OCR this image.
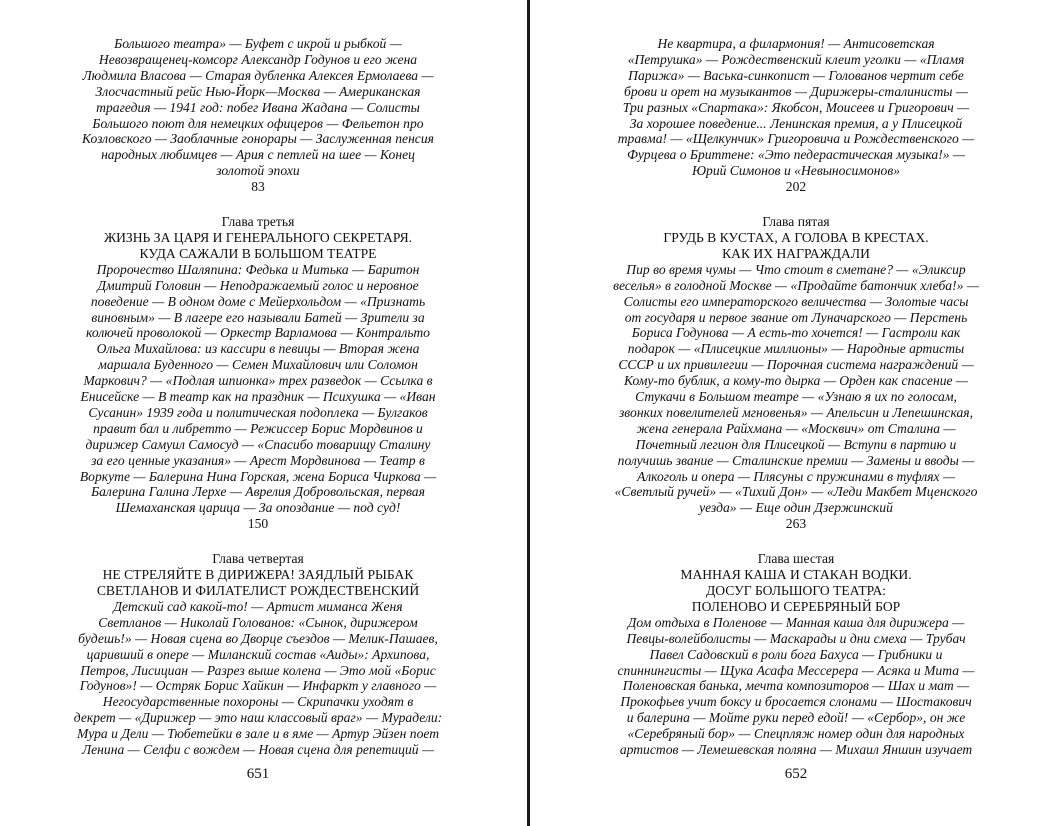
Большого театра» — Буфет с икрой и рыбкой —
Невозвращенец-комсорг Александр Годунов и его жена
Людмила Власова — Старая дубленка Алексея Ермолаева —
Злосчастный рейс Нью-Йорк—Москва — Американская
трагедия — 1941 год: побег Ивана Жадана — Солисты
Большого поют для немецких офицеров — Фельетон про
Козловского — Заоблачные гонорары — Заслуженная пенсия
народных любимцев — Ария с петлей на шее — Конец
золотой эпохи
83
Глава третья
ЖИЗНЬ ЗА ЦАРЯ И ГЕНЕРАЛЬНОГО СЕКРЕТАРЯ.
КУДА САЖАЛИ В БОЛЬШОМ ТЕАТРЕ
Пророчество Шаляпина: Федька и Митька — Баритон
Дмитрий Головин — Неподражаемый голос и неровное
поведение — В одном доме с Мейерхольдом — «Признать
виновным» — В лагере его называли Батей — Зрители за
колючей проволокой — Оркестр Варламова — Контральто
Ольга Михайлова: из кассири в певицы — Вторая жена
маршала Буденного — Семен Михайлович или Соломон
Маркович? — «Подлая шпионка» трех разведок — Ссылка в
Енисейске — В театр как на праздник — Психушка — «Иван
Сусанин» 1939 года и политическая подоплека — Булгаков
правит бал и либретто — Режиссер Борис Мордвинов и
дирижер Самуил Самосуд — «Спасибо товарищу Сталину
за его ценные указания» — Арест Мордвинова — Театр в
Воркуте — Балерина Нина Горская, жена Бориса Чиркова —
Балерина Галина Лерхе — Аврелия Добровольская, первая
Шемаханская царица — За опоздание — под суд!
150
Глава четвертая
НЕ СТРЕЛЯЙТЕ В ДИРИЖЕРА! ЗАЯДЛЫЙ РЫБАК
СВЕТЛАНОВ И ФИЛАТЕЛИСТ РОЖДЕСТВЕНСКИЙ
Детский сад какой-то! — Артист миманса Женя
Светланов — Николай Голованов: «Сынок, дирижером
будешь!» — Новая сцена во Дворце съездов — Мелик-Пашаев,
царивший в опере — Миланский состав «Аиды»: Архипова,
Петров, Лисициан — Разрез выше колена — Это мой «Борис
Годунов»! — Остряк Борис Хайкин — Инфаркт у главного —
Негосударственные похороны — Скрипачки уходят в
декрет — «Дирижер — это наш классовый враг» — Мурадели:
Мура и Дели — Тюбетейки в зале и в яме — Артур Эйзен поет
Ленина — Селфи с вождем — Новая сцена для репетиций —
Не квартира, а филармония! — Антисоветская
«Петрушка» — Рождественский клеит уголки — «Пламя
Парижа» — Васька-синкопист — Голованов чертит себе
брови и орет на музыкантов — Дирижеры-сталинисты —
Три разных «Спартака»: Якобсон, Моисеев и Григорович —
За хорошее поведение... Ленинская премия, а у Плисецкой
травма! — «Щелкунчик» Григоровича и Рождественского —
Фурцева о Бриттене: «Это педерастическая музыка!» —
Юрий Симонов и «Невыносимонов»
202
Глава пятая
ГРУДЬ В КУСТАХ, А ГОЛОВА В КРЕСТАХ.
КАК ИХ НАГРАЖДАЛИ
Пир во время чумы — Что стоит в сметане? — «Эликсир
веселья» в голодной Москве — «Продайте батончик хлеба!» —
Солисты его императорского величества — Золотые часы
от государя и первое звание от Луначарского — Перстень
Бориса Годунова — А есть-то хочется! — Гастроли как
подарок — «Плисецкие миллионы» — Народные артисты
СССР и их привилегии — Порочная система награждений —
Кому-то бублик, а кому-то дырка — Орден как спасение —
Стукачи в Большом театре — «Узнаю я их по голосам,
звонких повелителей мгновенья» — Апельсин и Лепешинская,
жена генерала Райхмана — «Москвич» от Сталина —
Почетный легион для Плисецкой — Вступи в партию и
получишь звание — Сталинские премии — Замены и вводы —
Алкоголь и опера — Плясуны с пружинами в туфлях —
«Светлый ручей» — «Тихий Дон» — «Леди Макбет Мценского
уезда» — Еще один Дзержинский
263
Глава шестая
МАННАЯ КАША И СТАКАН ВОДКИ.
ДОСУГ БОЛЬШОГО ТЕАТРА:
ПОЛЕНОВО И СЕРЕБРЯНЫЙ БОР
Дом отдыха в Поленове — Манная каша для дирижера —
Певцы-волейболисты — Маскарады и дни смеха — Трубач
Павел Садовский в роли бога Бахуса — Грибники и
спиннингисты — Щука Асафа Мессерера — Асяка и Мита —
Поленовская банька, мечта композиторов — Шах и мат —
Прокофьев учит боксу и бросается слонами — Шостакович
и балерина — Мойте руки перед едой! — «Сербор», он же
«Серебряный бор» — Спецпляж номер один для народных
артистов — Лемешевская поляна — Михаил Яншин изучает
651	652
